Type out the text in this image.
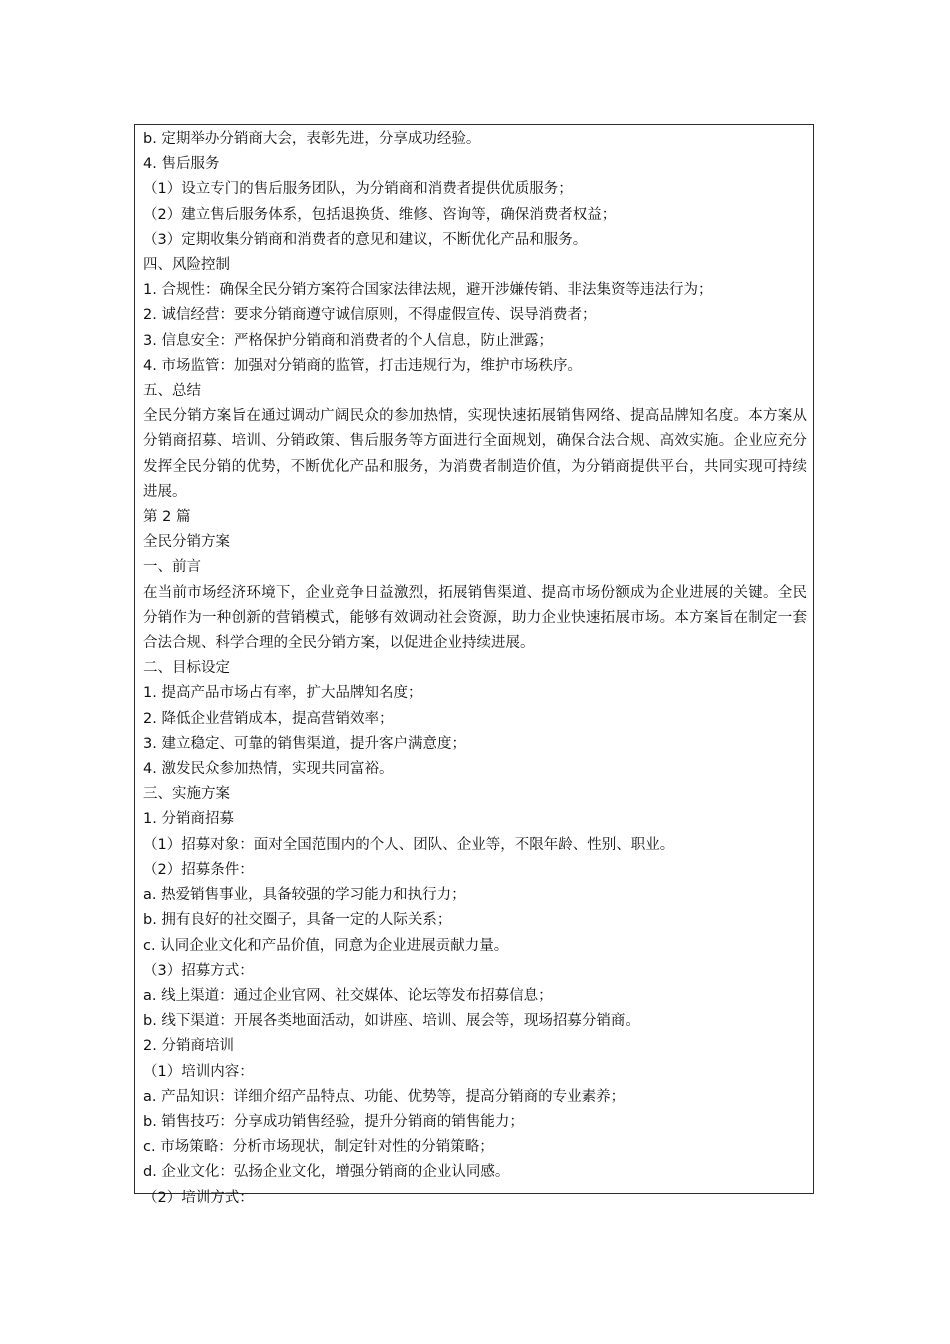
b. 定期举办分销商大会，表彰先进，分享成功经验。
4. 售后服务
（1）设立专门的售后服务团队，为分销商和消费者提供优质服务；
（2）建立售后服务体系，包括退换货、维修、咨询等，确保消费者权益；
（3）定期收集分销商和消费者的意见和建议，不断优化产品和服务。
四、风险控制
1. 合规性：确保全民分销方案符合国家法律法规，避开涉嫌传销、非法集资等违法行为；
2. 诚信经营：要求分销商遵守诚信原则，不得虚假宣传、误导消费者；
3. 信息安全：严格保护分销商和消费者的个人信息，防止泄露；
4. 市场监管：加强对分销商的监管，打击违规行为，维护市场秩序。
五、总结

全民分销方案旨在通过调动广阔民众的参加热情，实现快速拓展销售网络、提高品牌知名度。本方案从分销商招募、培训、分销政策、售后服务等方面进行全面规划，确保合法合规、高效实施。企业应充分发挥全民分销的优势，不断优化产品和服务，为消费者制造价值，为分销商提供平台，共同实现可持续进展。

第 2 篇
全民分销方案
一、前言

在当前市场经济环境下，企业竞争日益激烈，拓展销售渠道、提高市场份额成为企业进展的关键。全民分销作为一种创新的营销模式，能够有效调动社会资源，助力企业快速拓展市场。本方案旨在制定一套合法合规、科学合理的全民分销方案，以促进企业持续进展。

二、目标设定
1. 提高产品市场占有率，扩大品牌知名度；
2. 降低企业营销成本，提高营销效率；
3. 建立稳定、可靠的销售渠道，提升客户满意度；
4. 激发民众参加热情，实现共同富裕。
三、实施方案
1. 分销商招募
（1）招募对象：面对全国范围内的个人、团队、企业等，不限年龄、性别、职业。
（2）招募条件：
a. 热爱销售事业，具备较强的学习能力和执行力；
b. 拥有良好的社交圈子，具备一定的人际关系；
c. 认同企业文化和产品价值，同意为企业进展贡献力量。
（3）招募方式：
a. 线上渠道：通过企业官网、社交媒体、论坛等发布招募信息；
b. 线下渠道：开展各类地面活动，如讲座、培训、展会等，现场招募分销商。
2. 分销商培训
（1）培训内容：
a. 产品知识：详细介绍产品特点、功能、优势等，提高分销商的专业素养；
b. 销售技巧：分享成功销售经验，提升分销商的销售能力；
c. 市场策略：分析市场现状，制定针对性的分销策略；
d. 企业文化：弘扬企业文化，增强分销商的企业认同感。
（2）培训方式：
